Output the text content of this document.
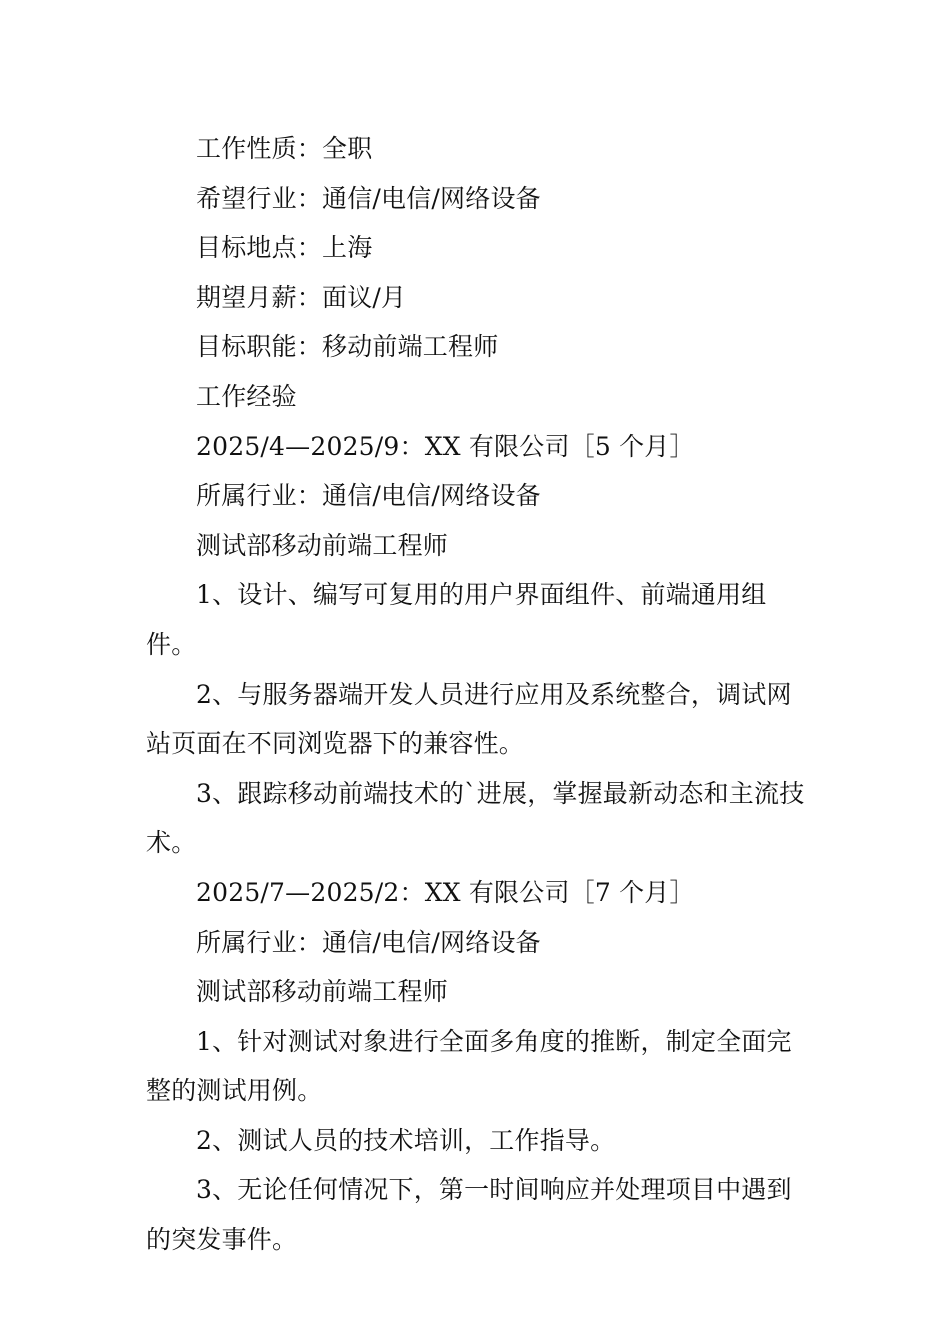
工作性质：全职

希望行业：通信/电信/网络设备

目标地点：上海

期望月薪：面议/月

目标职能：移动前端工程师

工作经验

2025/4—2025/9：XX 有限公司［5 个月］

所属行业：通信/电信/网络设备

测试部移动前端工程师

1、设计、编写可复用的用户界面组件、前端通用组件。

2、与服务器端开发人员进行应用及系统整合，调试网站页面在不同浏览器下的兼容性。

3、跟踪移动前端技术的`进展，掌握最新动态和主流技术。

2025/7—2025/2：XX 有限公司［7 个月］

所属行业：通信/电信/网络设备

测试部移动前端工程师

1、针对测试对象进行全面多角度的推断，制定全面完整的测试用例。

2、测试人员的技术培训，工作指导。

3、无论任何情况下，第一时间响应并处理项目中遇到的突发事件。
